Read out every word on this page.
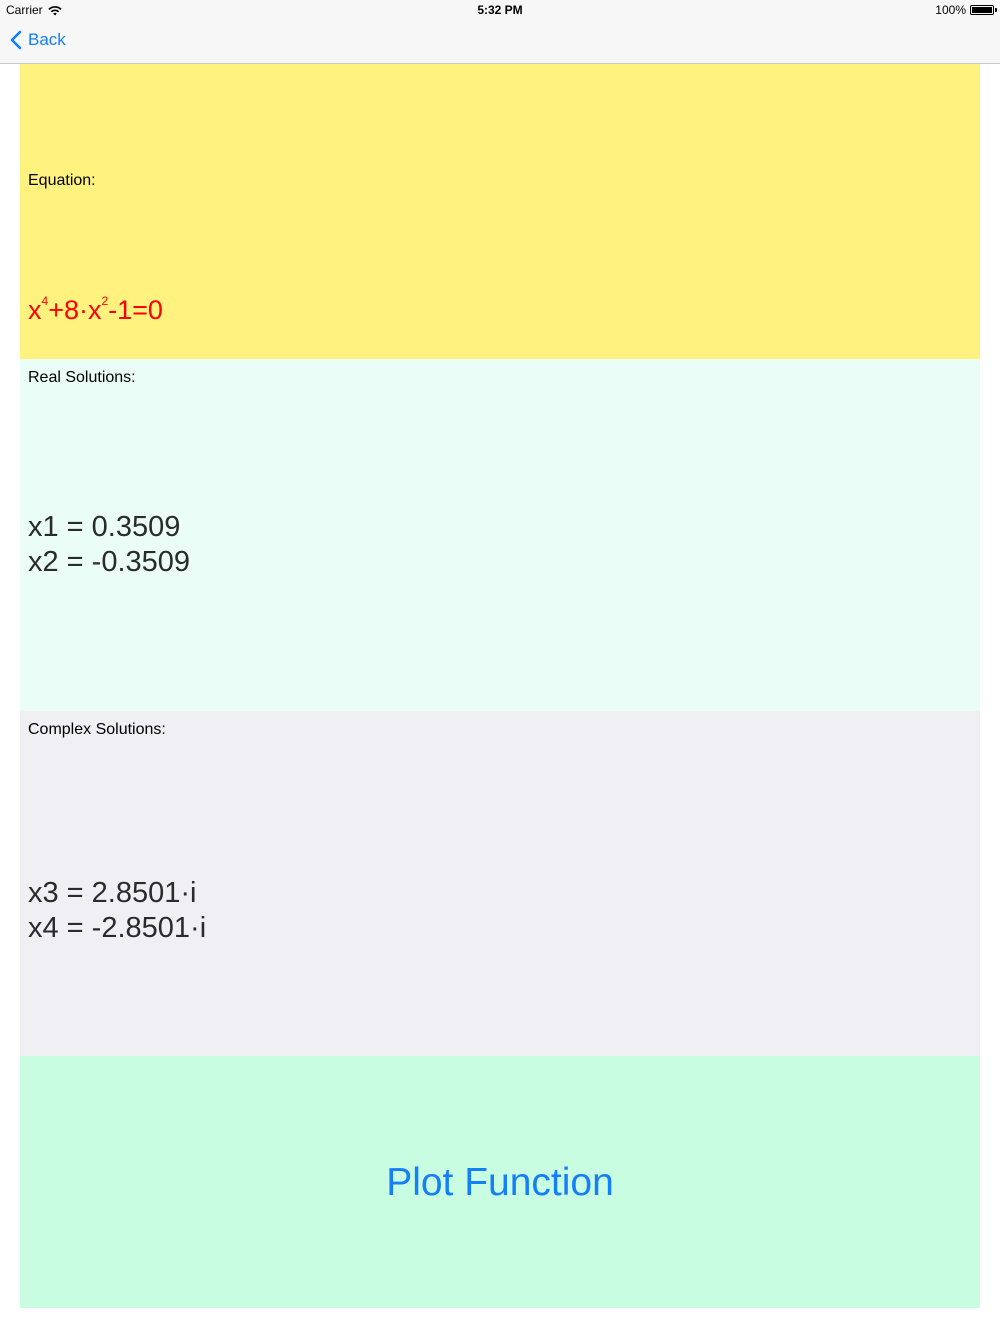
Carrier	5:32 PM	100%
Back
Equation:
$x^4+8\cdot x^2-1=0$
Real Solutions:
x1 = 0.3509
x2 = -0.3509
Complex Solutions:
x3 = 2.8501·i
x4 = -2.8501·i
Plot Function
